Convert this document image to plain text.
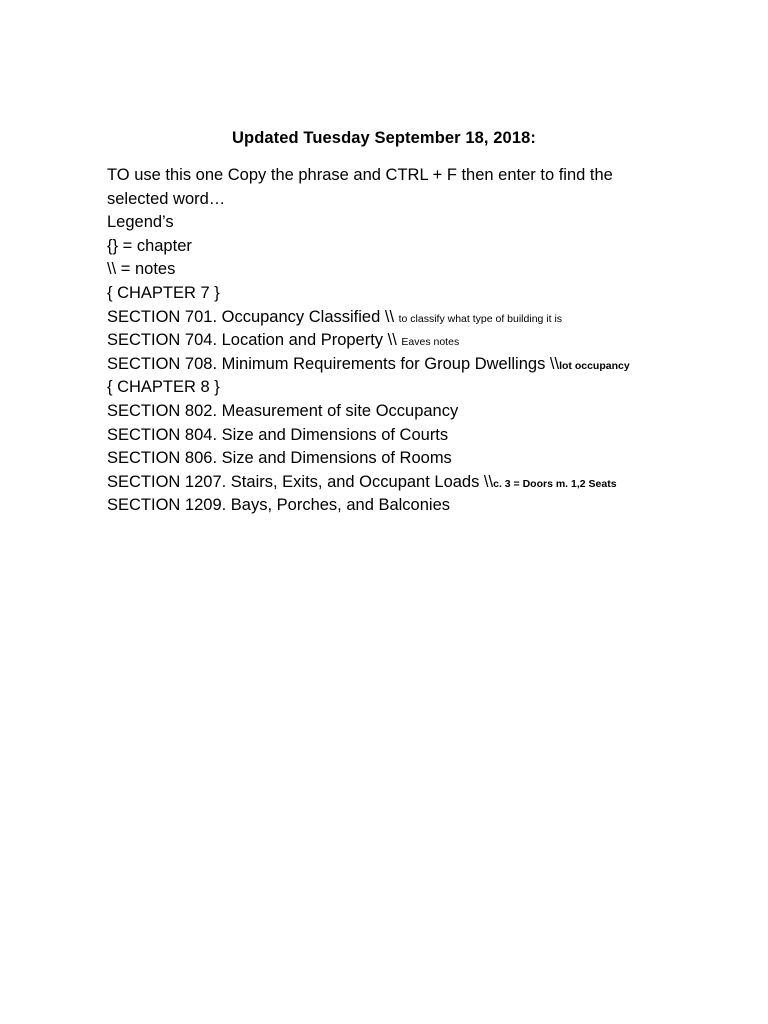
Updated Tuesday September 18, 2018:
TO use this one Copy the phrase and CTRL + F then enter to find the
selected word…
Legend’s
{} = chapter
\\ = notes
{ CHAPTER 7 }
SECTION 701. Occupancy Classified \\ to classify what type of building it is
SECTION 704. Location and Property \\ Eaves notes
SECTION 708. Minimum Requirements for Group Dwellings \\lot occupancy
{ CHAPTER 8 }
SECTION 802. Measurement of site Occupancy
SECTION 804. Size and Dimensions of Courts
SECTION 806. Size and Dimensions of Rooms
SECTION 1207. Stairs, Exits, and Occupant Loads \\c. 3 = Doors m. 1,2 Seats
SECTION 1209. Bays, Porches, and Balconies
